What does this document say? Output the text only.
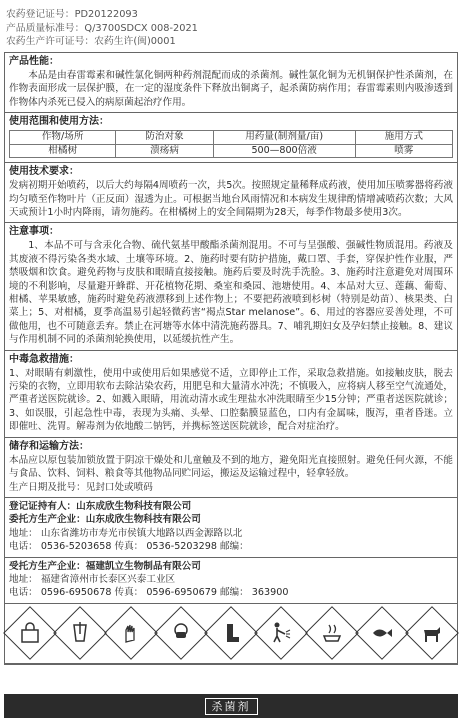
农药登记证号：PD20122093
产品质量标准号：Q/3700SDCX 008-2021
农药生产许可证号：农药生许(闽)0001
产品性能：
本品是由春雷霉素和碱性氯化铜两种药剂混配而成的杀菌剂。碱性氯化铜为无机铜保护性杀菌剂，在作物表面形成一层保护膜，在一定的湿度条件下释放出铜离子，起杀菌防病作用；春雷霉素则内吸渗透到作物体内杀死已侵入的病原菌起治疗作用。
使用范围和使用方法：
作物/场所	防治对象	用药量(制剂量/亩)	施用方式
柑橘树	溃疡病	500—800倍液	喷雾
使用技术要求：
发病初期开始喷药，以后大约每隔4周喷药一次，共5次。按照规定量稀释成药液，使用加压喷雾器将药液均匀喷至作物叶片（正反面）湿透为止。可根据当地台风雨情况和本病发生规律酌情增减喷药次数；大风天或预计1小时内降雨，请勿施药。在柑橘树上的安全间隔期为28天，每季作物最多使用3次。
注意事项：
1、本品不可与含汞化合物、硫代氨基甲酸酯杀菌剂混用。不可与呈强酸、强碱性物质混用。药液及其废液不得污染各类水域、土壤等环境。2、施药时要有防护措施，戴口罩、手套，穿保护性作业服，严禁吸烟和饮食。避免药物与皮肤和眼睛直接接触。施药后要及时洗手洗脸。3、施药时注意避免对周围环境的不利影响，尽量避开蜂群、开花植物花期、桑室和桑园、池塘使用。4、本品对大豆、莲藕、葡萄、柑橘、苹果敏感，施药时避免药液漂移到上述作物上；不要把药液喷到杉树（特别是幼苗）、核果类、白菜上；5、对柑橘，夏季高温易引起轻微药害“褐点Star melanose”。6、用过的容器应妥善处理，不可做他用，也不可随意丢弃。禁止在河塘等水体中清洗施药器具。7、哺乳期妇女及孕妇禁止接触。8、建议与作用机制不同的杀菌剂轮换使用，以延缓抗性产生。
中毒急救措施：
1、对眼睛有刺激性，使用中或使用后如果感觉不适，立即停止工作，采取急救措施。如接触皮肤，脱去污染的衣物，立即用软布去除沾染农药，用肥皂和大量清水冲洗；不慎吸入，应将病人移至空气流通处，严重者送医院就诊。2、如溅入眼睛，用流动清水或生理盐水冲洗眼睛至少15分钟；严重者送医院就诊；3、如误服，引起急性中毒，表现为头痛、头晕、口腔黏膜显蓝色，口内有金属味，腹泻，重者昏迷。立即催吐、洗胃。解毒剂为依地酸二钠钙，并携标签送医院就诊，配合对症治疗。
储存和运输方法：
本品应以原包装加锁放置于阴凉干燥处和儿童触及不到的地方，避免阳光直接照射。避免任何火源，不能与食品、饮料、饲料、粮食等其他物品同贮同运，搬运及运输过程中，轻拿轻放。
生产日期及批号：见封口处或喷码
登记证持有人：山东成欣生物科技有限公司
委托方生产企业：山东成欣生物科技有限公司
地址： 山东省潍坊市寿光市侯镇大地路以西金源路以北
电话： 0536-5203658 传真： 0536-5203298 邮编：
受托方生产企业：福建凯立生物制品有限公司
地址： 福建省漳州市长泰区兴泰工业区
电话： 0596-6950678 传真： 0596-6950679 邮编： 363900
杀菌剂
